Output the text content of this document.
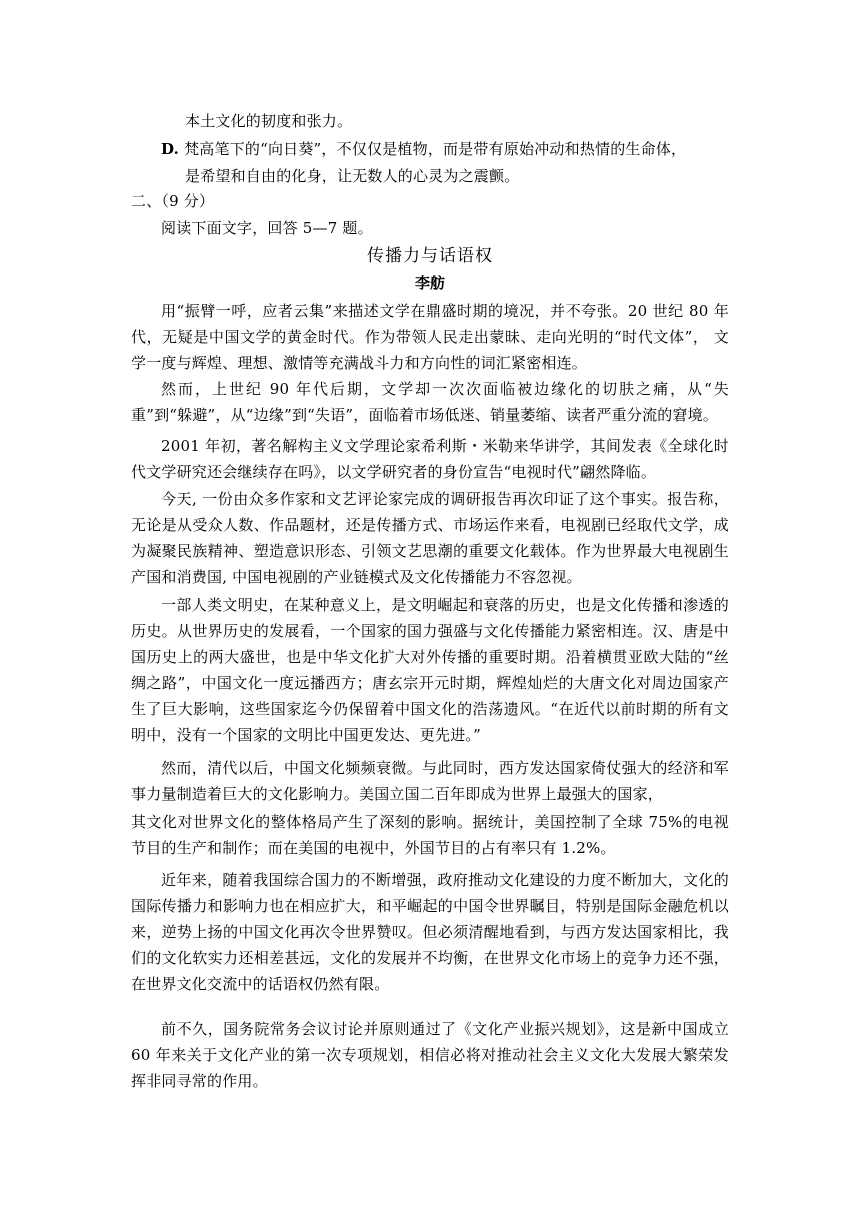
本土文化的韧度和张力。
D. 梵高笔下的“向日葵”，不仅仅是植物，而是带有原始冲动和热情的生命体，
是希望和自由的化身，让无数人的心灵为之震颤。
二、（9 分）
阅读下面文字，回答 5—7 题。
传播力与话语权
李舫
用“振臂一呼，应者云集”来描述文学在鼎盛时期的境况，并不夸张。20 世纪 80 年代，无疑是中国文学的黄金时代。作为带领人民走出蒙昧、走向光明的“时代文体”， 文学一度与辉煌、理想、激情等充满战斗力和方向性的词汇紧密相连。
然而，上世纪 90 年代后期，文学却一次次面临被边缘化的切肤之痛，从“失重”到“躲避”，从“边缘”到“失语”，面临着市场低迷、销量萎缩、读者严重分流的窘境。
2001 年初，著名解构主义文学理论家希利斯・米勒来华讲学，其间发表《全球化时代文学研究还会继续存在吗》，以文学研究者的身份宣告“电视时代”翩然降临。
今天, 一份由众多作家和文艺评论家完成的调研报告再次印证了这个事实。报告称，无论是从受众人数、作品题材，还是传播方式、市场运作来看，电视剧已经取代文学，成为凝聚民族精神、塑造意识形态、引领文艺思潮的重要文化载体。作为世界最大电视剧生产国和消费国, 中国电视剧的产业链模式及文化传播能力不容忽视。
一部人类文明史，在某种意义上，是文明崛起和衰落的历史，也是文化传播和渗透的历史。从世界历史的发展看，一个国家的国力强盛与文化传播能力紧密相连。汉、唐是中国历史上的两大盛世，也是中华文化扩大对外传播的重要时期。沿着横贯亚欧大陆的“丝绸之路”，中国文化一度远播西方；唐玄宗开元时期，辉煌灿烂的大唐文化对周边国家产生了巨大影响，这些国家迄今仍保留着中国文化的浩荡遗风。“在近代以前时期的所有文明中，没有一个国家的文明比中国更发达、更先进。”
然而，清代以后，中国文化频频衰微。与此同时，西方发达国家倚仗强大的经济和军事力量制造着巨大的文化影响力。美国立国二百年即成为世界上最强大的国家，
其文化对世界文化的整体格局产生了深刻的影响。据统计，美国控制了全球 75%的电视节目的生产和制作；而在美国的电视中，外国节目的占有率只有 1.2%。
近年来，随着我国综合国力的不断增强，政府推动文化建设的力度不断加大，文化的国际传播力和影响力也在相应扩大，和平崛起的中国令世界瞩目，特别是国际金融危机以来，逆势上扬的中国文化再次令世界赞叹。但必须清醒地看到，与西方发达国家相比，我们的文化软实力还相差甚远，文化的发展并不均衡，在世界文化市场上的竞争力还不强，在世界文化交流中的话语权仍然有限。
前不久，国务院常务会议讨论并原则通过了《文化产业振兴规划》，这是新中国成立 60 年来关于文化产业的第一次专项规划，相信必将对推动社会主义文化大发展大繁荣发挥非同寻常的作用。
